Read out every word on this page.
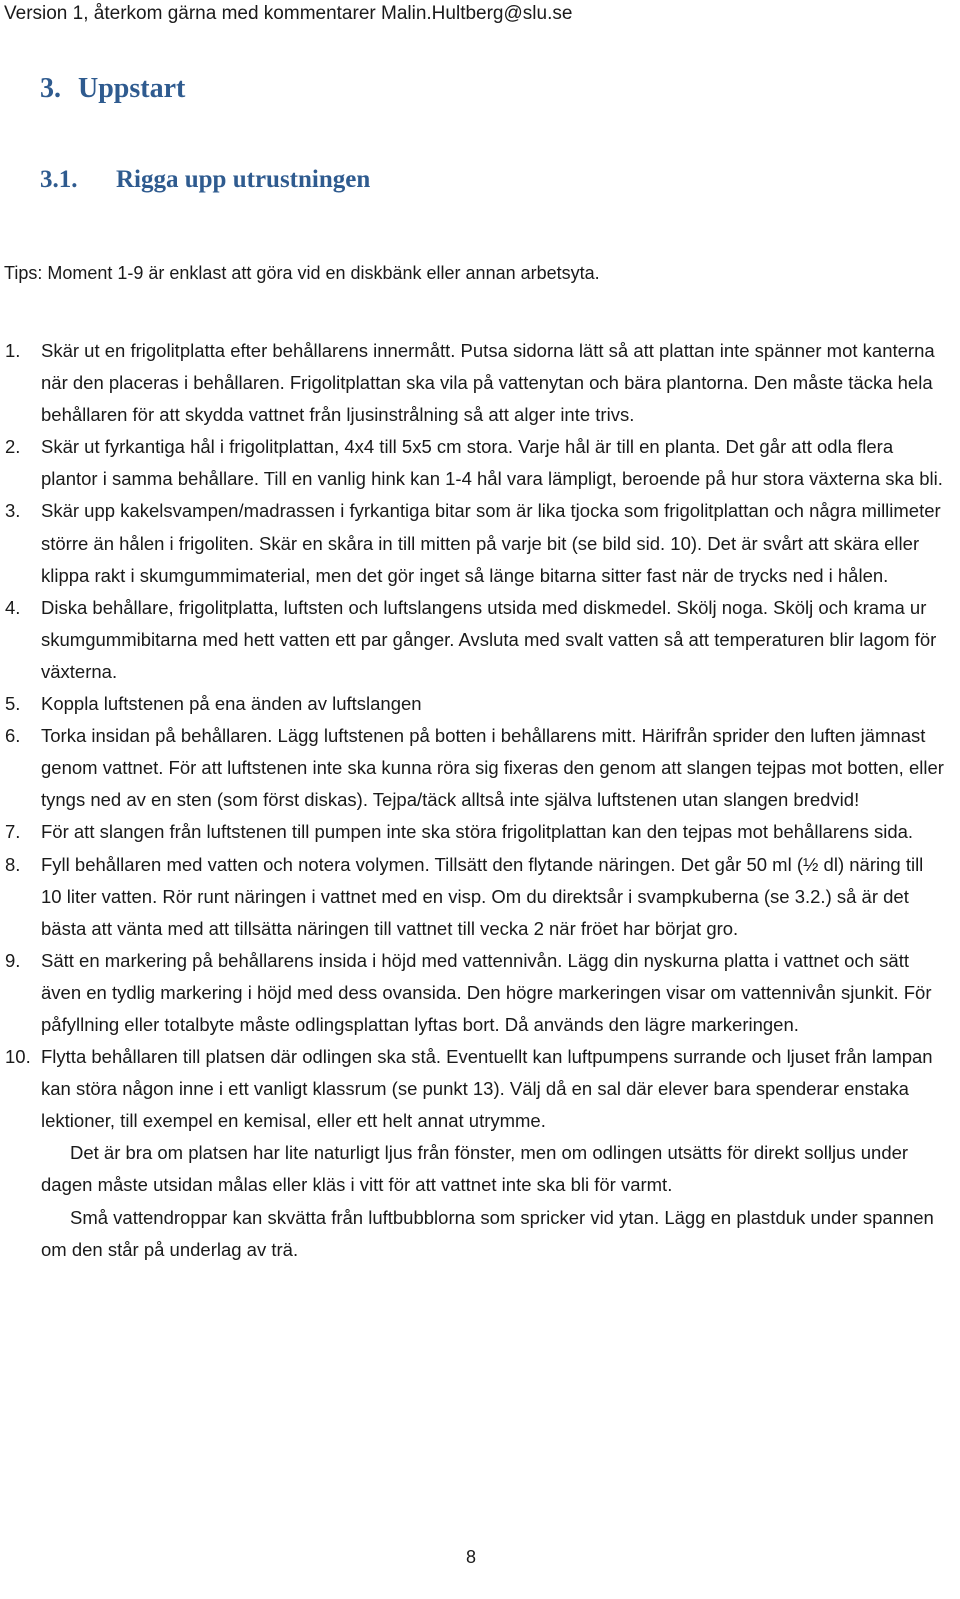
Version 1, återkom gärna med kommentarer Malin.Hultberg@slu.se
3. Uppstart
3.1. Rigga upp utrustningen
Tips: Moment 1-9 är enklast att göra vid en diskbänk eller annan arbetsyta.
1. Skär ut en frigolitplatta efter behållarens innermått. Putsa sidorna lätt så att plattan inte spänner mot kanterna när den placeras i behållaren. Frigolitplattan ska vila på vattenytan och bära plantorna. Den måste täcka hela behållaren för att skydda vattnet från ljusinstrålning så att alger inte trivs.
2. Skär ut fyrkantiga hål i frigolitplattan, 4x4 till 5x5 cm stora. Varje hål är till en planta. Det går att odla flera plantor i samma behållare. Till en vanlig hink kan 1-4 hål vara lämpligt, beroende på hur stora växterna ska bli.
3. Skär upp kakelsvampen/madrassen i fyrkantiga bitar som är lika tjocka som frigolitplattan och några millimeter större än hålen i frigoliten. Skär en skåra in till mitten på varje bit (se bild sid. 10). Det är svårt att skära eller klippa rakt i skumgummimaterial, men det gör inget så länge bitarna sitter fast när de trycks ned i hålen.
4. Diska behållare, frigolitplatta, luftsten och luftslangens utsida med diskmedel. Skölj noga. Skölj och krama ur skumgummibitarna med hett vatten ett par gånger. Avsluta med svalt vatten så att temperaturen blir lagom för växterna.
5. Koppla luftstenen på ena änden av luftslangen
6. Torka insidan på behållaren. Lägg luftstenen på botten i behållarens mitt. Härifrån sprider den luften jämnast genom vattnet. För att luftstenen inte ska kunna röra sig fixeras den genom att slangen tejpas mot botten, eller tyngs ned av en sten (som först diskas). Tejpa/täck alltså inte själva luftstenen utan slangen bredvid!
7. För att slangen från luftstenen till pumpen inte ska störa frigolitplattan kan den tejpas mot behållarens sida.
8. Fyll behållaren med vatten och notera volymen. Tillsätt den flytande näringen. Det går 50 ml (½ dl) näring till 10 liter vatten. Rör runt näringen i vattnet med en visp. Om du direktsår i svampkuberna (se 3.2.) så är det bästa att vänta med att tillsätta näringen till vattnet till vecka 2 när fröet har börjat gro.
9. Sätt en markering på behållarens insida i höjd med vattennivån. Lägg din nyskurna platta i vattnet och sätt även en tydlig markering i höjd med dess ovansida. Den högre markeringen visar om vattennivån sjunkit. För påfyllning eller totalbyte måste odlingsplattan lyftas bort. Då används den lägre markeringen.
10. Flytta behållaren till platsen där odlingen ska stå. Eventuellt kan luftpumpens surrande och ljuset från lampan kan störa någon inne i ett vanligt klassrum (se punkt 13). Välj då en sal där elever bara spenderar enstaka lektioner, till exempel en kemisal, eller ett helt annat utrymme.
Det är bra om platsen har lite naturligt ljus från fönster, men om odlingen utsätts för direkt solljus under dagen måste utsidan målas eller kläs i vitt för att vattnet inte ska bli för varmt.
Små vattendroppar kan skvätta från luftbubblorna som spricker vid ytan. Lägg en plastduk under spannen om den står på underlag av trä.
8
